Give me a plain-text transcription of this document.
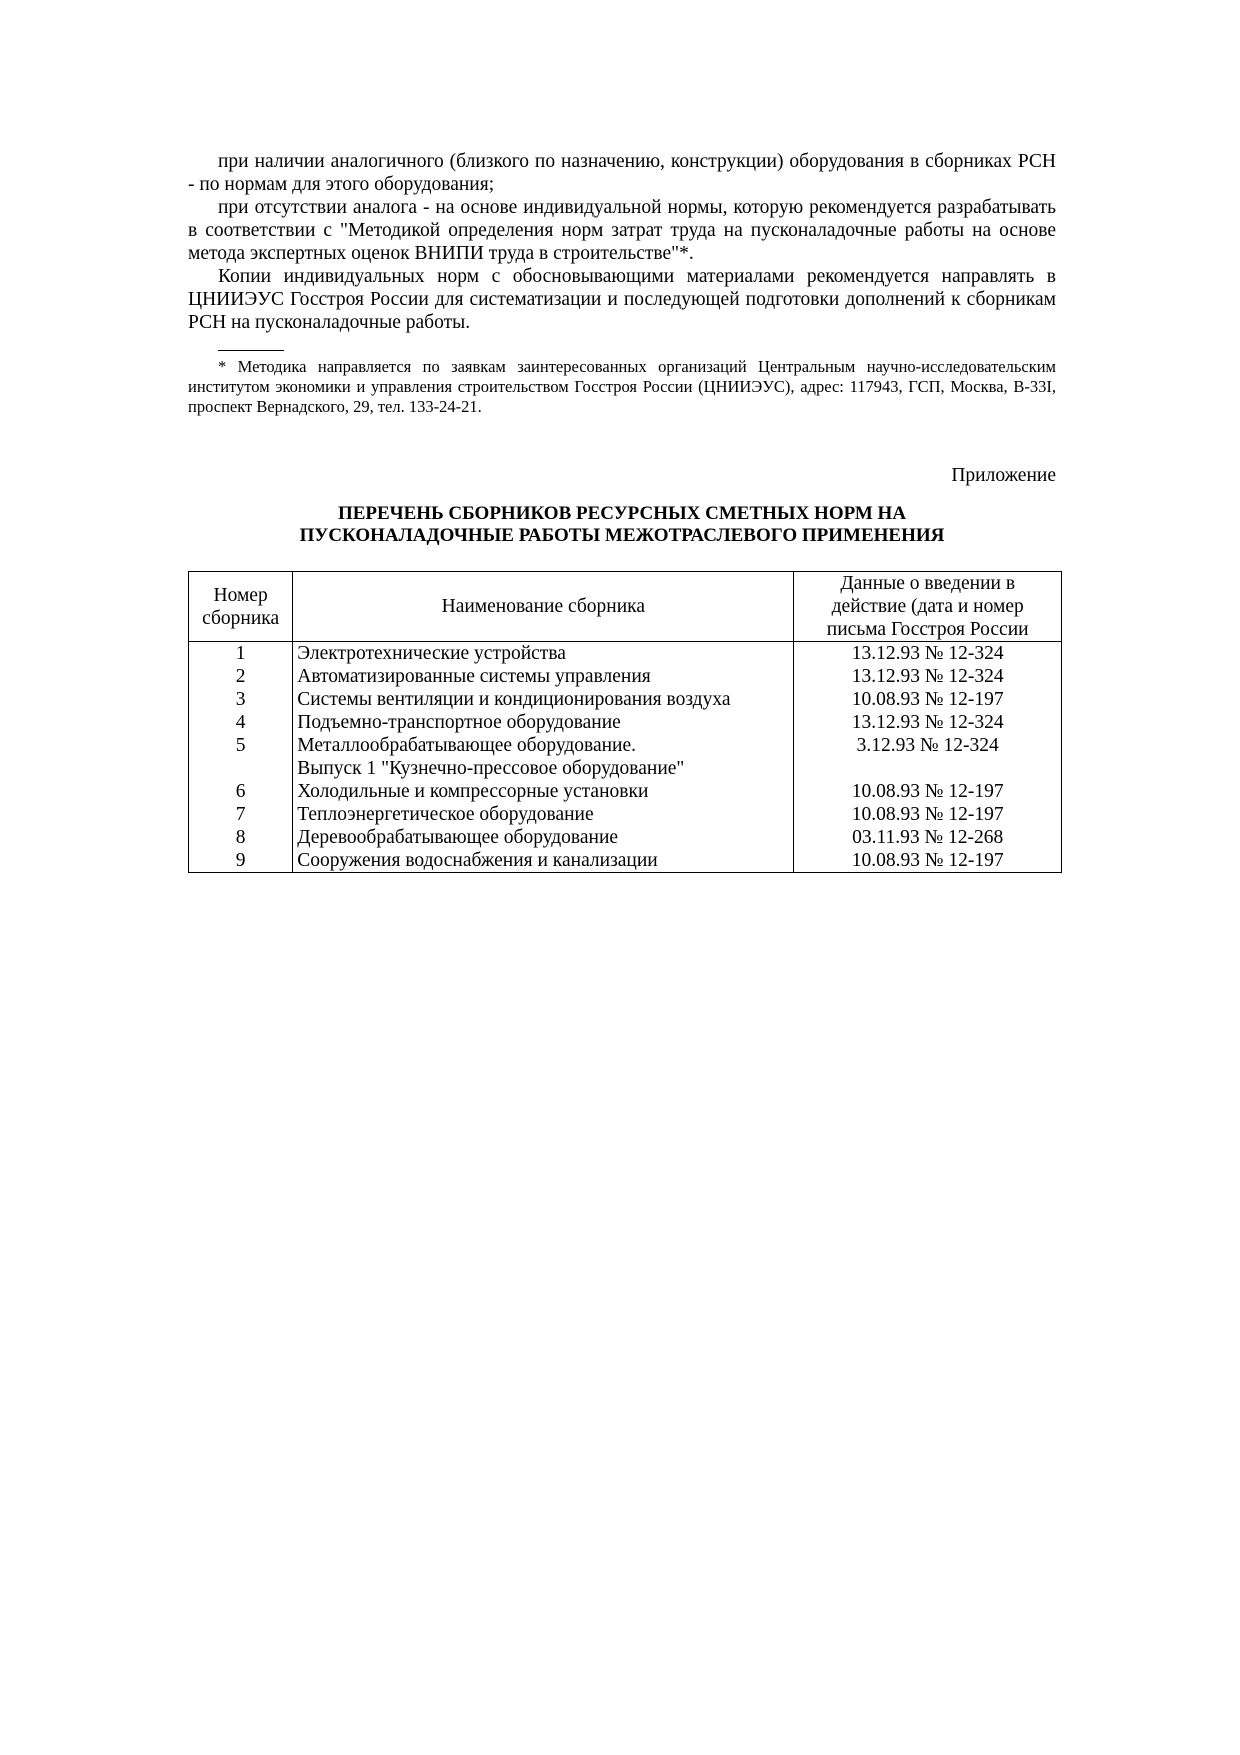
при наличии аналогичного (близкого по назначению, конструкции) оборудования в сборниках РСН - по нормам для этого оборудования;

при отсутствии аналога - на основе индивидуальной нормы, которую рекомендуется разрабатывать в соответствии с "Методикой определения норм затрат труда на пусконаладочные работы на основе метода экспертных оценок ВНИПИ труда в строительстве"*.

Копии индивидуальных норм с обосновывающими материалами рекомендуется направлять в ЦНИИЭУС Госстроя России для систематизации и последующей подготовки дополнений к сборникам РСН на пусконаладочные работы.

* Методика направляется по заявкам заинтересованных организаций Центральным научно-исследовательским институтом экономики и управления строительством Госстроя России (ЦНИИЭУС), адрес: 117943, ГСП, Москва, В-33I, проспект Вернадского, 29, тел. 133-24-21.

Приложение

ПЕРЕЧЕНЬ СБОРНИКОВ РЕСУРСНЫХ СМЕТНЫХ НОРМ НА
ПУСКОНАЛАДОЧНЫЕ РАБОТЫ МЕЖОТРАСЛЕВОГО ПРИМЕНЕНИЯ
Номер
сборника	Наименование сборника	Данные о введении в
действие (дата и номер
письма Госстроя России

1	Электротехнические устройства	13.12.93 № 12-324
2	Автоматизированные системы управления	13.12.93 № 12-324
3	Системы вентиляции и кондиционирования воздуха	10.08.93 № 12-197
4	Подъемно-транспортное оборудование	13.12.93 № 12-324
5	Металлообрабатывающее оборудование.	3.12.93 № 12-324

	Выпуск 1 "Кузнечно-прессовое оборудование"	

6	Холодильные и компрессорные установки	10.08.93 № 12-197
7	Теплоэнергетическое оборудование	10.08.93 № 12-197
8	Деревообрабатывающее оборудование	03.11.93 № 12-268
9	Сооружения водоснабжения и канализации	10.08.93 № 12-197
